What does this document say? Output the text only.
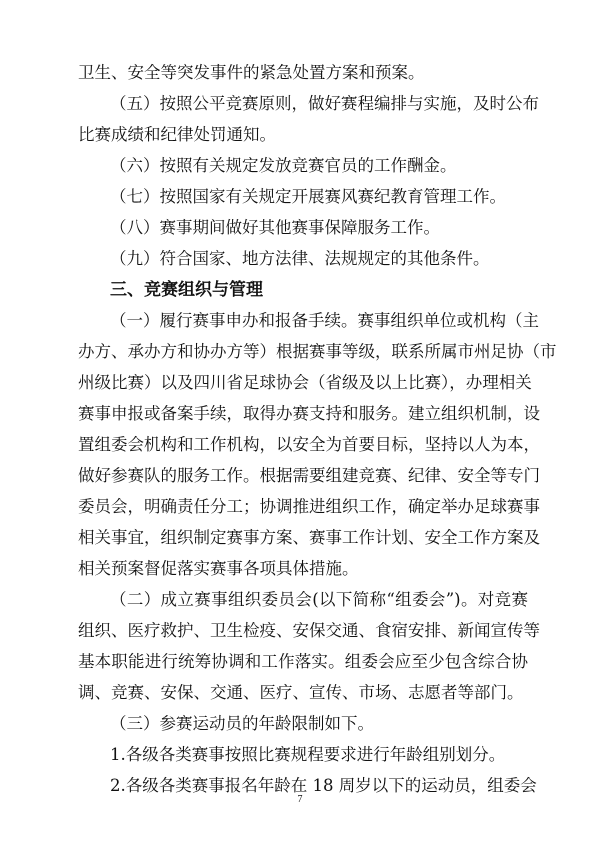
卫生、安全等突发事件的紧急处置方案和预案。
（五）按照公平竞赛原则，做好赛程编排与实施，及时公布
比赛成绩和纪律处罚通知。
（六）按照有关规定发放竞赛官员的工作酬金。
（七）按照国家有关规定开展赛风赛纪教育管理工作。
（八）赛事期间做好其他赛事保障服务工作。
（九）符合国家、地方法律、法规规定的其他条件。
三、竞赛组织与管理
（一）履行赛事申办和报备手续。赛事组织单位或机构（主
办方、承办方和协办方等）根据赛事等级，联系所属市州足协（市
州级比赛）以及四川省足球协会（省级及以上比赛），办理相关
赛事申报或备案手续，取得办赛支持和服务。建立组织机制，设
置组委会机构和工作机构，以安全为首要目标，坚持以人为本，
做好参赛队的服务工作。根据需要组建竞赛、纪律、安全等专门
委员会，明确责任分工；协调推进组织工作，确定举办足球赛事
相关事宜，组织制定赛事方案、赛事工作计划、安全工作方案及
相关预案督促落实赛事各项具体措施。
（二）成立赛事组织委员会(以下简称“组委会”)。对竞赛
组织、医疗救护、卫生检疫、安保交通、食宿安排、新闻宣传等
基本职能进行统筹协调和工作落实。组委会应至少包含综合协
调、竞赛、安保、交通、医疗、宣传、市场、志愿者等部门。
（三）参赛运动员的年龄限制如下。
1.各级各类赛事按照比赛规程要求进行年龄组别划分。
2.各级各类赛事报名年龄在 18 周岁以下的运动员，组委会
7
